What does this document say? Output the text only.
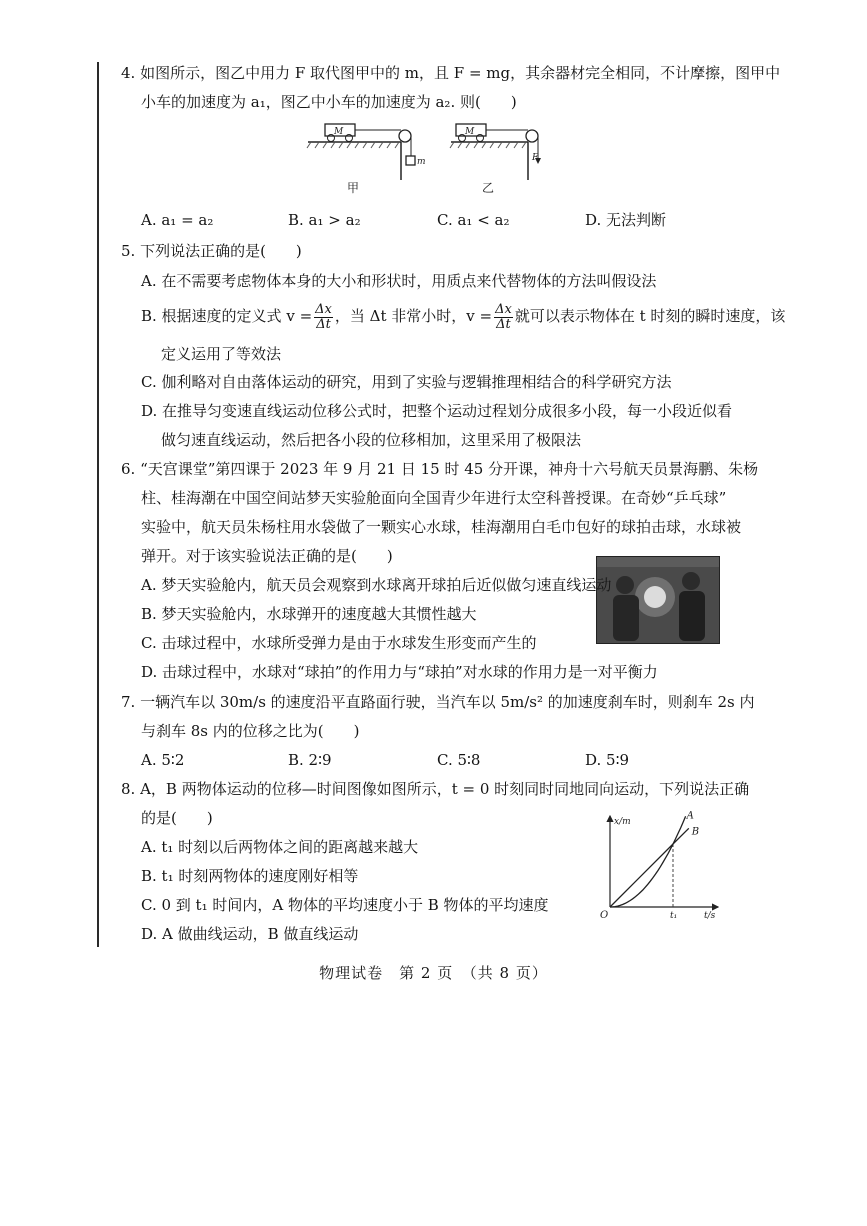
4. 如图所示，图乙中用力 F 取代图甲中的 m，且 F = mg，其余器材完全相同，不计摩擦，图甲中
小车的加速度为 a₁，图乙中小车的加速度为 a₂. 则(　　)
M
m
甲
M
F
乙
A. a₁ = a₂	B. a₁ > a₂	C. a₁ < a₂	D. 无法判断
5. 下列说法正确的是(　　)
A. 在不需要考虑物体本身的大小和形状时，用质点来代替物体的方法叫假设法
B. 根据速度的定义式 $v = \frac{\Delta x}{\Delta t}$ ，当 Δt 非常小时，$v = \frac{\Delta x}{\Delta t}$ 就可以表示物体在 t 时刻的瞬时速度，该
定义运用了等效法
C. 伽利略对自由落体运动的研究，用到了实验与逻辑推理相结合的科学研究方法
D. 在推导匀变速直线运动位移公式时，把整个运动过程划分成很多小段，每一小段近似看
做匀速直线运动，然后把各小段的位移相加，这里采用了极限法
6. “天宫课堂”第四课于 2023 年 9 月 21 日 15 时 45 分开课，神舟十六号航天员景海鹏、朱杨
柱、桂海潮在中国空间站梦天实验舱面向全国青少年进行太空科普授课。在奇妙“乒乓球”
实验中，航天员朱杨柱用水袋做了一颗实心水球，桂海潮用白毛巾包好的球拍击球，水球被
弹开。对于该实验说法正确的是(　　)
A. 梦天实验舱内，航天员会观察到水球离开球拍后近似做匀速直线运动
B. 梦天实验舱内，水球弹开的速度越大其惯性越大
C. 击球过程中，水球所受弹力是由于水球发生形变而产生的
D. 击球过程中，水球对“球拍”的作用力与“球拍”对水球的作用力是一对平衡力
7. 一辆汽车以 30m/s 的速度沿平直路面行驶，当汽车以 5m/s² 的加速度刹车时，则刹车 2s 内
与刹车 8s 内的位移之比为(　　)
A. 5∶2	B. 2∶9	C. 5∶8	D. 5∶9
8. A，B 两物体运动的位移—时间图像如图所示，t = 0 时刻同时同地同向运动，下列说法正确
的是(　　)
A. t₁ 时刻以后两物体之间的距离越来越大
B. t₁ 时刻两物体的速度刚好相等
C. 0 到 t₁ 时间内，A 物体的平均速度小于 B 物体的平均速度
D. A 做曲线运动，B 做直线运动
x/m
t/s
O	t₁
A
B
物理试卷　第 2 页　（共 8 页）
